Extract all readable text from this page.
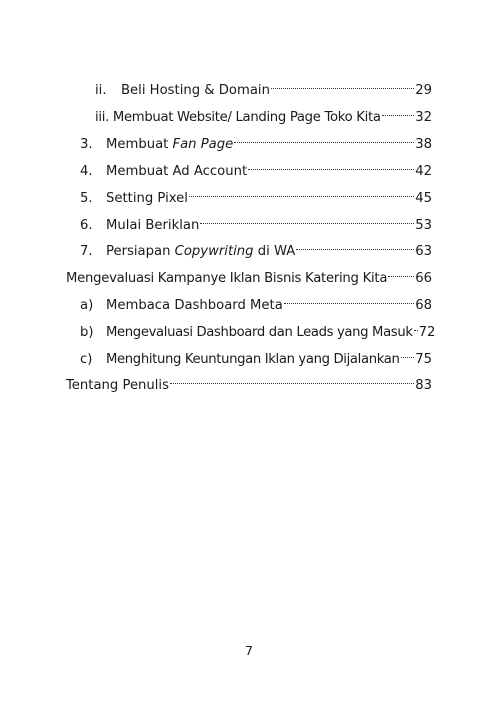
ii.	Beli Hosting & Domain	29
iii. Membuat Website/ Landing Page Toko Kita	32
3.	Membuat Fan Page	38
4.	Membuat Ad Account	42
5.	Setting Pixel	45
6.	Mulai Beriklan	53
7.	Persiapan Copywriting di WA	63
Mengevaluasi Kampanye Iklan Bisnis Katering Kita 66
a) Membaca Dashboard Meta	68
b) Mengevaluasi Dashboard dan Leads yang Masuk 72
c)	Menghitung Keuntungan Iklan yang Dijalankan 75
Tentang Penulis	83
7
